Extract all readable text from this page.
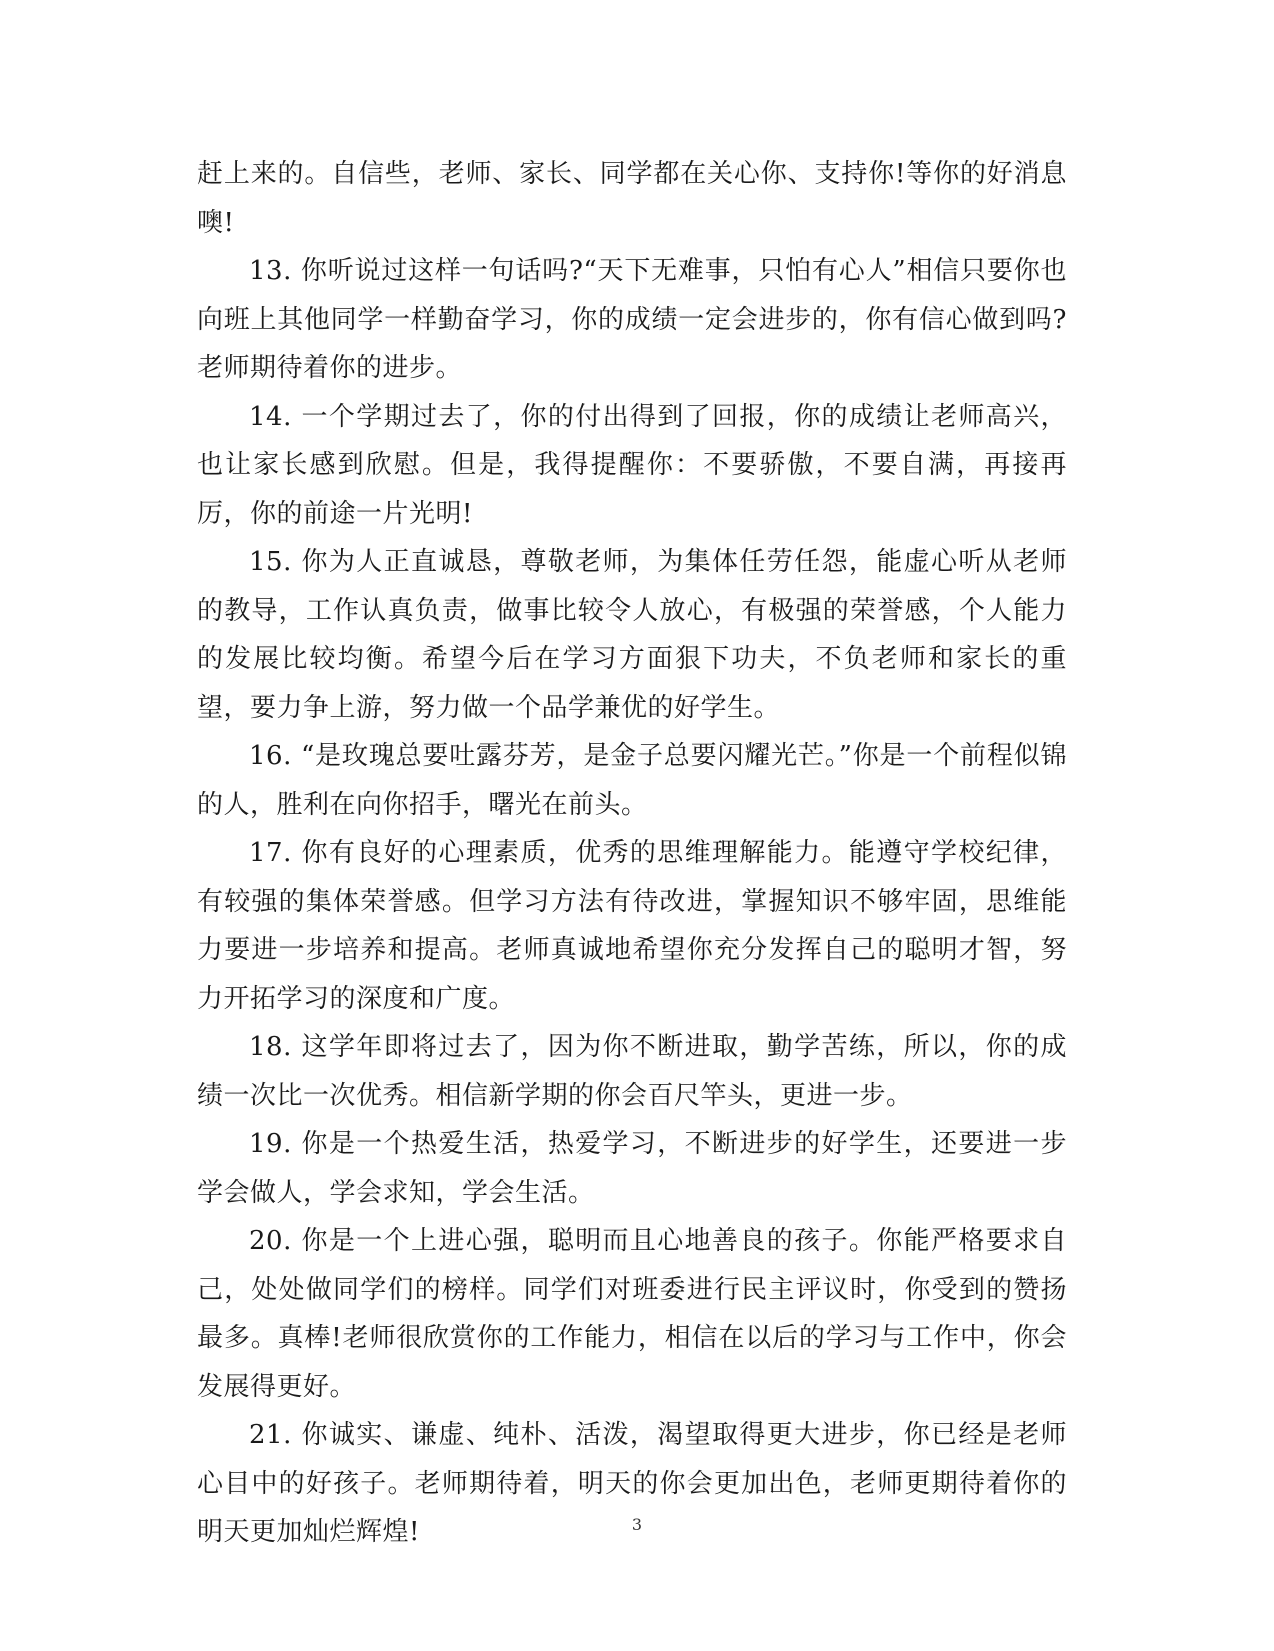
赶上来的。自信些，老师、家长、同学都在关心你、支持你!等你的好消息噢!

13. 你听说过这样一句话吗?“天下无难事，只怕有心人”相信只要你也向班上其他同学一样勤奋学习，你的成绩一定会进步的，你有信心做到吗?老师期待着你的进步。

14. 一个学期过去了，你的付出得到了回报，你的成绩让老师高兴，也让家长感到欣慰。但是，我得提醒你：不要骄傲，不要自满，再接再厉，你的前途一片光明!

15. 你为人正直诚恳，尊敬老师，为集体任劳任怨，能虚心听从老师的教导，工作认真负责，做事比较令人放心，有极强的荣誉感，个人能力的发展比较均衡。希望今后在学习方面狠下功夫，不负老师和家长的重望，要力争上游，努力做一个品学兼优的好学生。

16. “是玫瑰总要吐露芬芳，是金子总要闪耀光芒。”你是一个前程似锦的人，胜利在向你招手，曙光在前头。

17. 你有良好的心理素质，优秀的思维理解能力。能遵守学校纪律，有较强的集体荣誉感。但学习方法有待改进，掌握知识不够牢固，思维能力要进一步培养和提高。老师真诚地希望你充分发挥自己的聪明才智，努力开拓学习的深度和广度。

18. 这学年即将过去了，因为你不断进取，勤学苦练，所以，你的成绩一次比一次优秀。相信新学期的你会百尺竿头，更进一步。

19. 你是一个热爱生活，热爱学习，不断进步的好学生，还要进一步学会做人，学会求知，学会生活。

20. 你是一个上进心强，聪明而且心地善良的孩子。你能严格要求自己，处处做同学们的榜样。同学们对班委进行民主评议时，你受到的赞扬最多。真棒!老师很欣赏你的工作能力，相信在以后的学习与工作中，你会发展得更好。

21. 你诚实、谦虚、纯朴、活泼，渴望取得更大进步，你已经是老师心目中的好孩子。老师期待着，明天的你会更加出色，老师更期待着你的明天更加灿烂辉煌!	3
